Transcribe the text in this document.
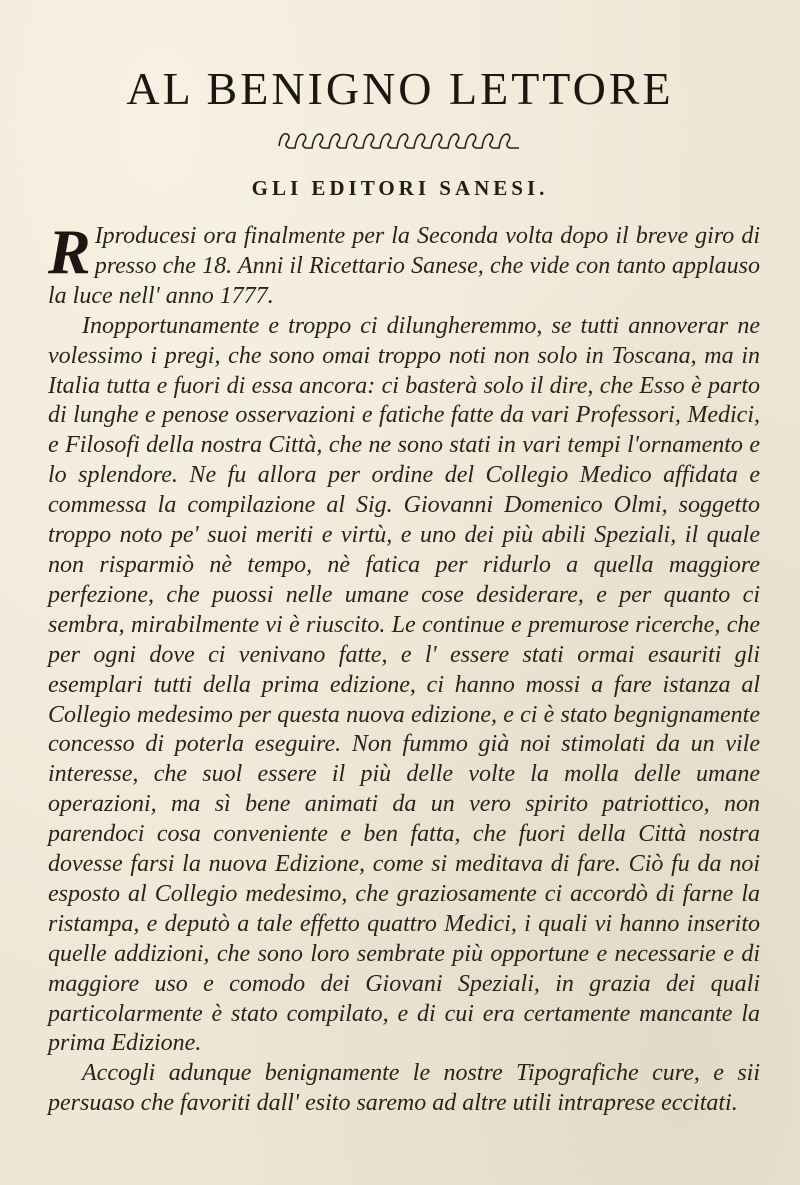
AL BENIGNO LETTORE
GLI EDITORI SANESI.

R Iproducesi ora finalmente per la Seconda volta dopo il breve giro di presso che 18. Anni il Ricettario Sanese, che vide con tanto applauso la luce nell' anno 1777.

Inopportunamente e troppo ci dilungheremmo, se tutti annoverar ne volessimo i pregi, che sono omai troppo noti non solo in Toscana, ma in Italia tutta e fuori di essa ancora: ci basterà solo il dire, che Esso è parto di lunghe e penose osservazioni e fatiche fatte da vari Professori, Medici, e Filosofi della nostra Città, che ne sono stati in vari tempi l'ornamento e lo splendore. Ne fu allora per ordine del Collegio Medico affidata e commessa la compilazione al Sig. Giovanni Domenico Olmi, soggetto troppo noto pe' suoi meriti e virtù, e uno dei più abili Speziali, il quale non risparmiò nè tempo, nè fatica per ridurlo a quella maggiore perfezione, che puossi nelle umane cose desiderare, e per quanto ci sembra, mirabilmente vi è riuscito. Le continue e premurose ricerche, che per ogni dove ci venivano fatte, e l' essere stati ormai esauriti gli esemplari tutti della prima edizione, ci hanno mossi a fare istanza al Collegio medesimo per questa nuova edizione, e ci è stato begnignamente concesso di poterla eseguire. Non fummo già noi stimolati da un vile interesse, che suol essere il più delle volte la molla delle umane operazioni, ma sì bene animati da un vero spirito patriottico, non parendoci cosa conveniente e ben fatta, che fuori della Città nostra dovesse farsi la nuova Edizione, come si meditava di fare. Ciò fu da noi esposto al Collegio medesimo, che graziosamente ci accordò di farne la ristampa, e deputò a tale effetto quattro Medici, i quali vi hanno inserito quelle addizioni, che sono loro sembrate più opportune e necessarie e di maggiore uso e comodo dei Giovani Speziali, in grazia dei quali particolarmente è stato compilato, e di cui era certamente mancante la prima Edizione.

Accogli adunque benignamente le nostre Tipografiche cure, e sii persuaso che favoriti dall' esito saremo ad altre utili intraprese eccitati.
